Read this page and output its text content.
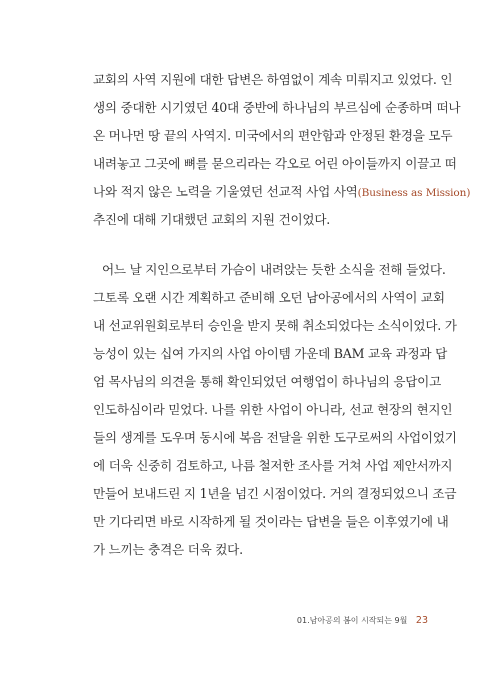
교회의 사역 지원에 대한 답변은 하염없이 계속 미뤄지고 있었다. 인
생의 중대한 시기였던 40대 중반에 하나님의 부르심에 순종하며 떠나
온 머나먼 땅 끝의 사역지. 미국에서의 편안함과 안정된 환경을 모두
내려놓고 그곳에 뼈를 묻으리라는 각오로 어린 아이들까지 이끌고 떠
나와 적지 않은 노력을 기울였던 선교적 사업 사역(Business as Mission)
추진에 대해 기대했던 교회의 지원 건이었다.
어느 날 지인으로부터 가슴이 내려앉는 듯한 소식을 전해 들었다.
그토록 오랜 시간 계획하고 준비해 오던 남아공에서의 사역이 교회
내 선교위원회로부터 승인을 받지 못해 취소되었다는 소식이었다. 가
능성이 있는 십여 가지의 사업 아이템 가운데 BAM 교육 과정과 답
엄 목사님의 의견을 통해 확인되었던 여행업이 하나님의 응답이고
인도하심이라 믿었다. 나를 위한 사업이 아니라, 선교 현장의 현지인
들의 생계를 도우며 동시에 복음 전달을 위한 도구로써의 사업이었기
에 더욱 신중히 검토하고, 나름 철저한 조사를 거쳐 사업 제안서까지
만들어 보내드린 지 1년을 넘긴 시점이었다. 거의 결정되었으니 조금
만 기다리면 바로 시작하게 될 것이라는 답변을 들은 이후였기에 내
가 느끼는 충격은 더욱 컸다.
01.남아공의 봄이 시작되는 9월 23
